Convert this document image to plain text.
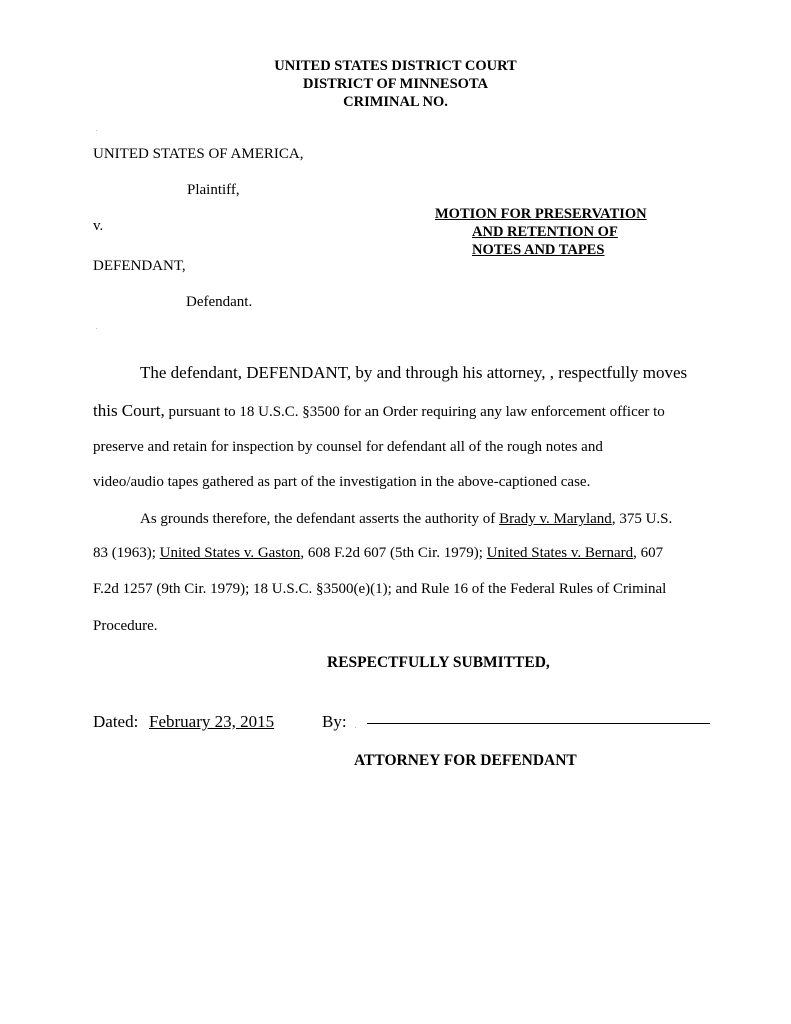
UNITED STATES DISTRICT COURT
DISTRICT OF MINNESOTA
CRIMINAL NO.
UNITED STATES OF AMERICA,
Plaintiff,
v.
DEFENDANT,
Defendant.
MOTION FOR PRESERVATION
AND RETENTION OF
NOTES AND TAPES
The defendant, DEFENDANT, by and through his attorney, , respectfully moves
this Court, pursuant to 18 U.S.C. §3500 for an Order requiring any law enforcement officer to
preserve and retain for inspection by counsel for defendant all of the rough notes and
video/audio tapes gathered as part of the investigation in the above-captioned case.
As grounds therefore, the defendant asserts the authority of Brady v. Maryland, 375 U.S.
83 (1963); United States v. Gaston, 608 F.2d 607 (5th Cir. 1979); United States v. Bernard, 607
F.2d 1257 (9th Cir. 1979); 18 U.S.C. §3500(e)(1); and Rule 16 of the Federal Rules of Criminal
Procedure.
RESPECTFULLY SUBMITTED,
Dated: February 23, 2015	By:
ATTORNEY FOR DEFENDANT
